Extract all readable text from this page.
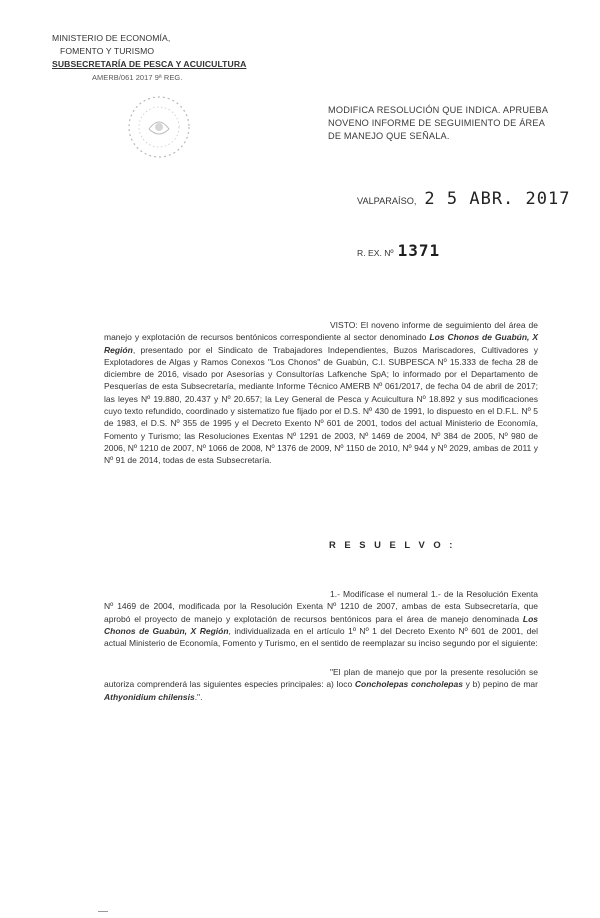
MINISTERIO DE ECONOMÍA,
FOMENTO Y TURISMO
SUBSECRETARÍA DE PESCA Y ACUICULTURA
AMERB/061 2017 9ª REG.
MODIFICA RESOLUCIÓN QUE INDICA. APRUEBA NOVENO INFORME DE SEGUIMIENTO DE ÁREA DE MANEJO QUE SEÑALA.
VALPARAÍSO, 2 5 ABR. 2017
R. EX. Nº 1371
VISTO: El noveno informe de seguimiento del área de manejo y explotación de recursos bentónicos correspondiente al sector denominado Los Chonos de Guabún, X Región, presentado por el Sindicato de Trabajadores Independientes, Buzos Mariscadores, Cultivadores y Explotadores de Algas y Ramos Conexos "Los Chonos" de Guabún, C.I. SUBPESCA Nº 15.333 de fecha 28 de diciembre de 2016, visado por Asesorías y Consultorías Lafkenche SpA; lo informado por el Departamento de Pesquerías de esta Subsecretaría, mediante Informe Técnico AMERB Nº 061/2017, de fecha 04 de abril de 2017; las leyes Nº 19.880, 20.437 y Nº 20.657; la Ley General de Pesca y Acuicultura Nº 18.892 y sus modificaciones cuyo texto refundido, coordinado y sistematizo fue fijado por el D.S. Nº 430 de 1991, lo dispuesto en el D.F.L. Nº 5 de 1983, el D.S. Nº 355 de 1995 y el Decreto Exento Nº 601 de 2001, todos del actual Ministerio de Economía, Fomento y Turismo; las Resoluciones Exentas Nº 1291 de 2003, Nº 1469 de 2004, Nº 384 de 2005, Nº 980 de 2006, Nº 1210 de 2007, Nº 1066 de 2008, Nº 1376 de 2009, Nº 1150 de 2010, Nº 944 y Nº 2029, ambas de 2011 y Nº 91 de 2014, todas de esta Subsecretaría.
R E S U E L V O :
1.- Modifícase el numeral 1.- de la Resolución Exenta Nº 1469 de 2004, modificada por la Resolución Exenta Nº 1210 de 2007, ambas de esta Subsecretaría, que aprobó el proyecto de manejo y explotación de recursos bentónicos para el área de manejo denominada Los Chonos de Guabún, X Región, individualizada en el artículo 1º Nº 1 del Decreto Exento Nº 601 de 2001, del actual Ministerio de Economía, Fomento y Turismo, en el sentido de reemplazar su inciso segundo por el siguiente:
"El plan de manejo que por la presente resolución se autoriza comprenderá las siguientes especies principales: a) loco Concholepas concholepas y b) pepino de mar Athyonidium chilensis.".
